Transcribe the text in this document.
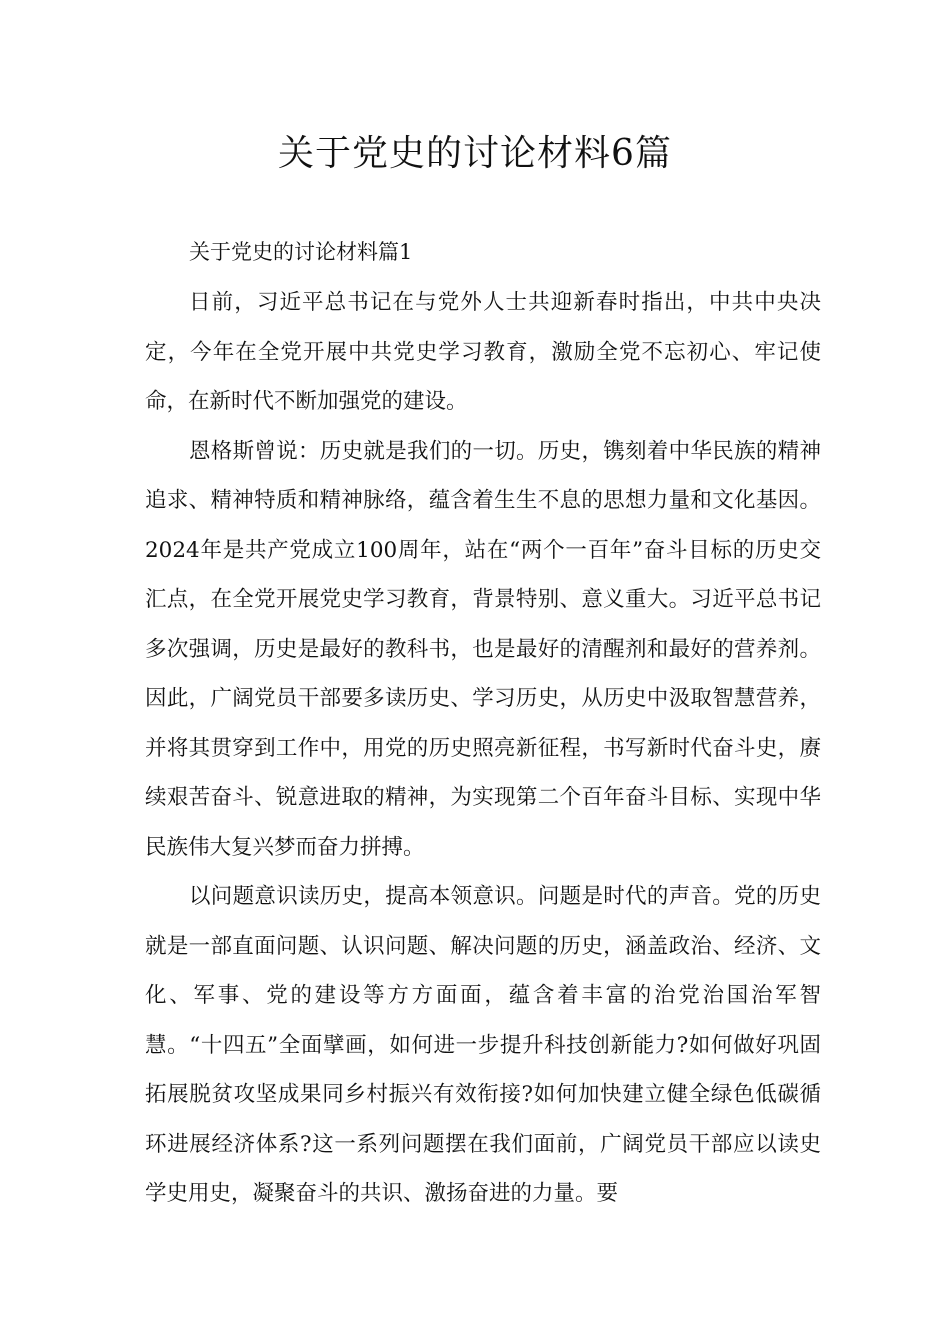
关于党史的讨论材料6篇

关于党史的讨论材料篇1

日前，习近平总书记在与党外人士共迎新春时指出，中共中央决定，今年在全党开展中共党史学习教育，激励全党不忘初心、牢记使命，在新时代不断加强党的建设。

恩格斯曾说：历史就是我们的一切。历史，镌刻着中华民族的精神追求、精神特质和精神脉络，蕴含着生生不息的思想力量和文化基因。2024年是共产党成立100周年，站在“两个一百年”奋斗目标的历史交汇点，在全党开展党史学习教育，背景特别、意义重大。习近平总书记多次强调，历史是最好的教科书，也是最好的清醒剂和最好的营养剂。因此，广阔党员干部要多读历史、学习历史，从历史中汲取智慧营养，并将其贯穿到工作中，用党的历史照亮新征程，书写新时代奋斗史，赓续艰苦奋斗、锐意进取的精神，为实现第二个百年奋斗目标、实现中华民族伟大复兴梦而奋力拼搏。

以问题意识读历史，提高本领意识。问题是时代的声音。党的历史就是一部直面问题、认识问题、解决问题的历史，涵盖政治、经济、文化、军事、党的建设等方方面面，蕴含着丰富的治党治国治军智慧。“十四五”全面擘画，如何进一步提升科技创新能力?如何做好巩固拓展脱贫攻坚成果同乡村振兴有效衔接?如何加快建立健全绿色低碳循环进展经济体系?这一系列问题摆在我们面前，广阔党员干部应以读史学史用史，凝聚奋斗的共识、激扬奋进的力量。要
